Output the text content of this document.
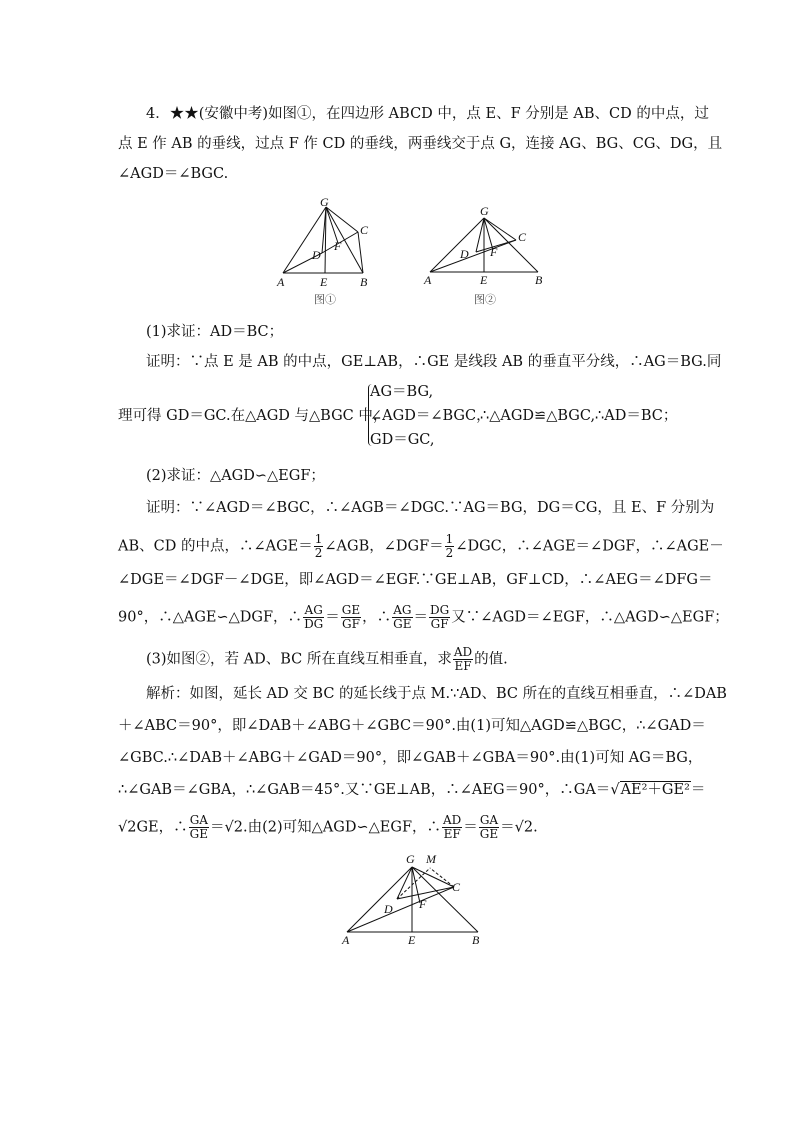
4．★★(安徽中考)如图①，在四边形 ABCD 中，点 E、F 分别是 AB、CD 的中点，过
点 E 作 AB 的垂线，过点 F 作 CD 的垂线，两垂线交于点 G，连接 AG、BG、CG、DG，且
∠AGD＝∠BGC.
G
C
D
F
A	E	B
图①
G
C
D F
A	E	B
图②
(1)求证：AD＝BC；
证明：∵点 E 是 AB 的中点，GE⊥AB，∴GE 是线段 AB 的垂直平分线，∴AG＝BG.同
理可得 GD＝GC.在△AGD 与△BGC 中，
AG＝BG,
∠AGD＝∠BGC，
GD＝GC,
∴△AGD≌△BGC,∴AD＝BC；
(2)求证：△AGD∽△EGF；
证明：∵∠AGD＝∠BGC，∴∠AGB＝∠DGC.∵AG＝BG，DG＝CG，且 E、F 分别为
AB、CD 的中点，∴∠AGE＝ $\frac{1}{2}$ ∠AGB，∠DGF＝ $\frac{1}{2}$ ∠DGC，∴∠AGE＝∠DGF，∴∠AGE－
∠DGE＝∠DGF－∠DGE，即∠AGD＝∠EGF.∵GE⊥AB，GF⊥CD，∴∠AEG＝∠DFG＝
90°，∴△AGE∽△DGF，∴ $\frac{AG}{DG} = \frac{GE}{GF}$ ，∴ $\frac{AG}{GE} = \frac{DG}{GF}$ 又∵∠AGD＝∠EGF，∴△AGD∽△EGF；
(3)如图②，若 AD、BC 所在直线互相垂直，求 $\frac{AD}{EF}$ 的值.
解析：如图，延长 AD 交 BC 的延长线于点 M.∵AD、BC 所在的直线互相垂直，∴∠DAB
＋∠ABC＝90°，即∠DAB＋∠ABG＋∠GBC＝90°.由(1)可知△AGD≌△BGC，∴∠GAD＝
∠GBC.∴∠DAB＋∠ABG＋∠GAD＝90°，即∠GAB＋∠GBA＝90°.由(1)可知 AG＝BG，
∴∠GAB＝∠GBA，∴∠GAB＝45°.又∵GE⊥AB，∴∠AEG＝90°，∴GA＝√AE²＋GE²＝
√2GE，∴ $\frac{GA}{GE} =√2$.由(2)可知△AGD∽△EGF，∴ $\frac{AD}{EF} = \frac{GA}{GE} =√2$.
G M
C
D F
A	E	B
